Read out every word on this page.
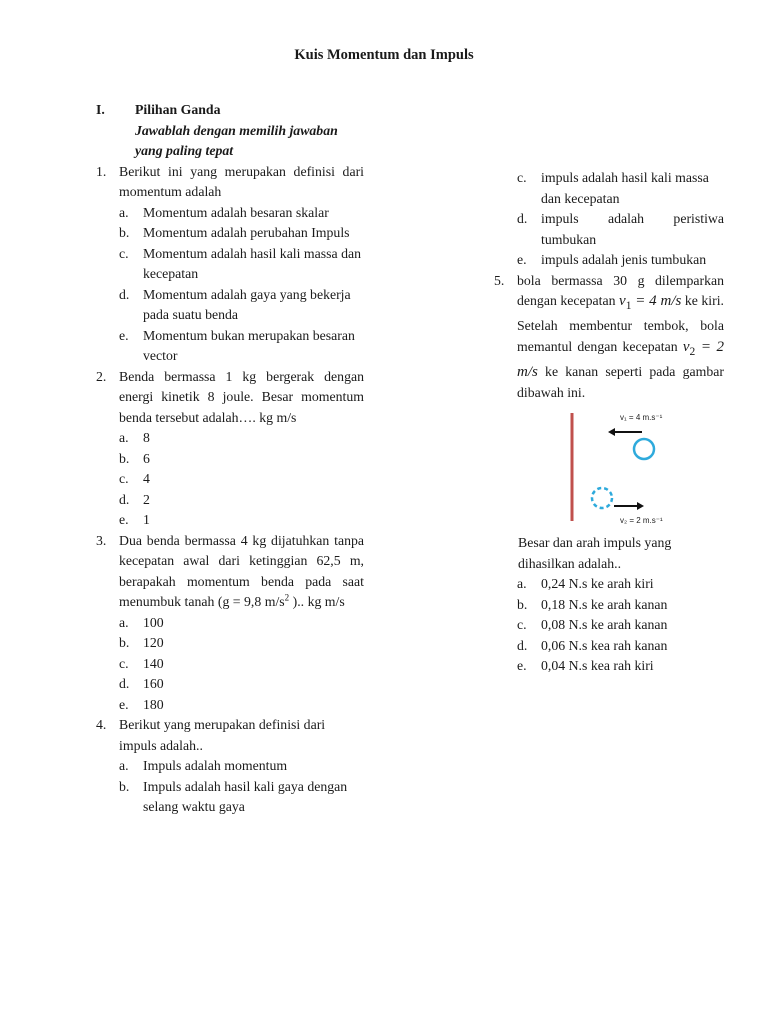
Kuis Momentum dan Impuls
I.	Pilihan Ganda
Jawablah dengan memilih jawaban yang paling tepat
1. Berikut ini yang merupakan definisi dari momentum adalah
a.	Momentum adalah besaran skalar
b. Momentum adalah perubahan Impuls
c.	Momentum adalah hasil kali massa dan kecepatan
d. Momentum adalah gaya yang bekerja pada suatu benda
e.	Momentum bukan merupakan besaran vector
2. Benda bermassa 1 kg bergerak dengan energi kinetik 8 joule. Besar momentum benda tersebut adalah…. kg m/s
a.	8
b. 6
c.	4
d. 2
e.	1
3. Dua benda bermassa 4 kg dijatuhkan tanpa kecepatan awal dari ketinggian 62,5 m, berapakah momentum benda pada saat menumbuk tanah (g = 9,8 $m/s^2$ ).. kg m/s
a.	100
b. 120
c.	140
d. 160
e.	180
4. Berikut yang merupakan definisi dari impuls adalah..
a.	Impuls adalah momentum
b. Impuls adalah hasil kali gaya dengan selang waktu gaya
c.	impuls adalah hasil kali massa dan kecepatan
d. impuls adalah peristiwa tumbukan
e.	impuls adalah jenis tumbukan
5. bola bermassa 30 g dilemparkan dengan kecepatan $v_1 = 4$ m/s ke kiri. Setelah membentur tembok, bola memantul dengan kecepatan $v_2 = 2$ m/s ke kanan seperti pada gambar dibawah ini.
v₁ = 4 m.s⁻¹
v₂ = 2 m.s⁻¹
Besar dan arah impuls yang dihasilkan adalah..
a.	0,24 N.s ke arah kiri
b. 0,18 N.s ke arah kanan
c.	0,08 N.s ke arah kanan
d. 0,06 N.s kea rah kanan
e.	0,04 N.s kea rah kiri
